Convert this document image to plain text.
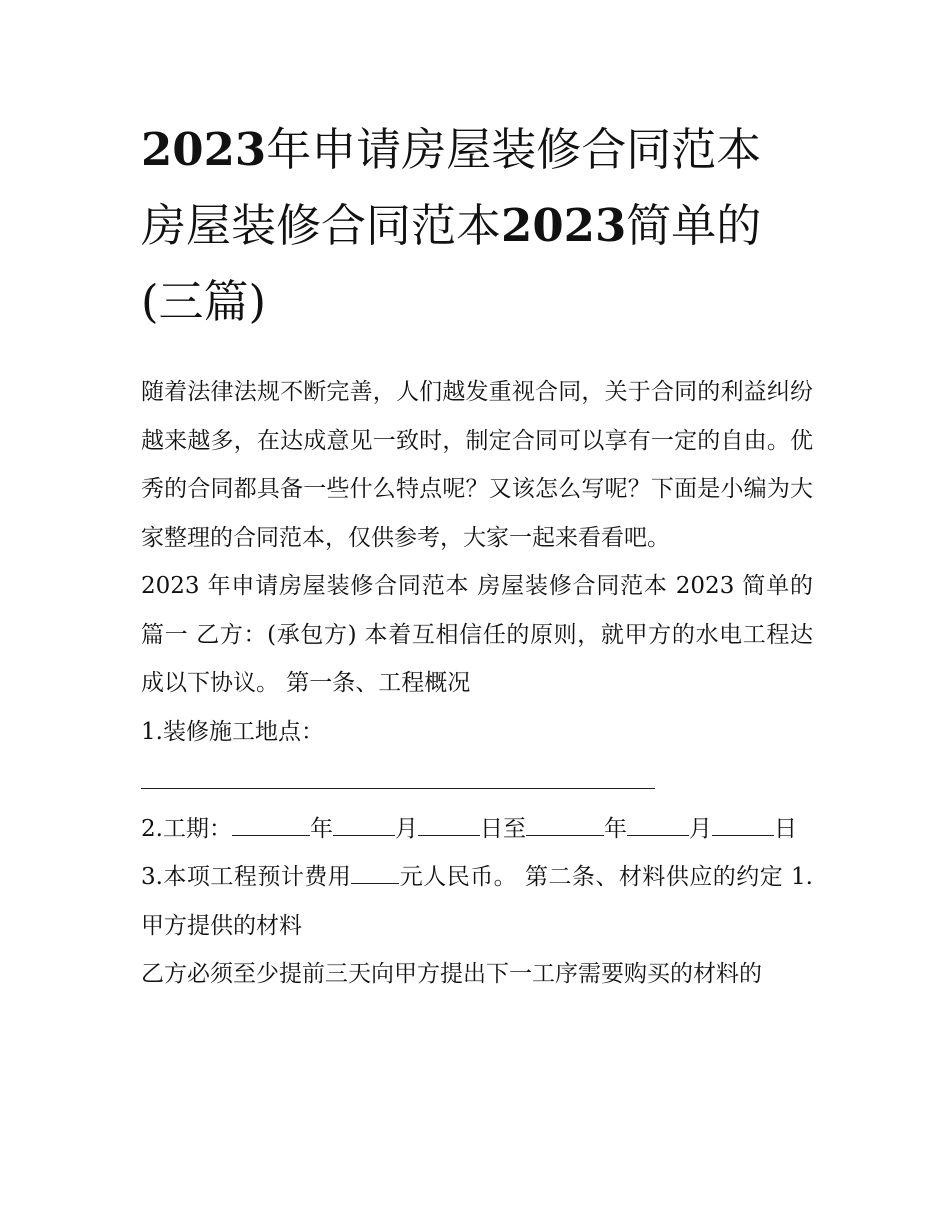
2023年申请房屋装修合同范本
房屋装修合同范本2023简单的
(三篇)

随着法律法规不断完善，人们越发重视合同，关于合同的利益纠纷越来越多，在达成意见一致时，制定合同可以享有一定的自由。优秀的合同都具备一些什么特点呢？又该怎么写呢？下面是小编为大家整理的合同范本，仅供参考，大家一起来看看吧。

2023 年申请房屋装修合同范本 房屋装修合同范本 2023 简单的篇一 乙方：(承包方) 本着互相信任的原则，就甲方的水电工程达成以下协议。 第一条、工程概况

1.装修施工地点：

2.工期：	年	月	日至	年	月	日

3.本项工程预计费用 元人民币。 第二条、材料供应的约定 1.甲方提供的材料

乙方必须至少提前三天向甲方提出下一工序需要购买的材料的
